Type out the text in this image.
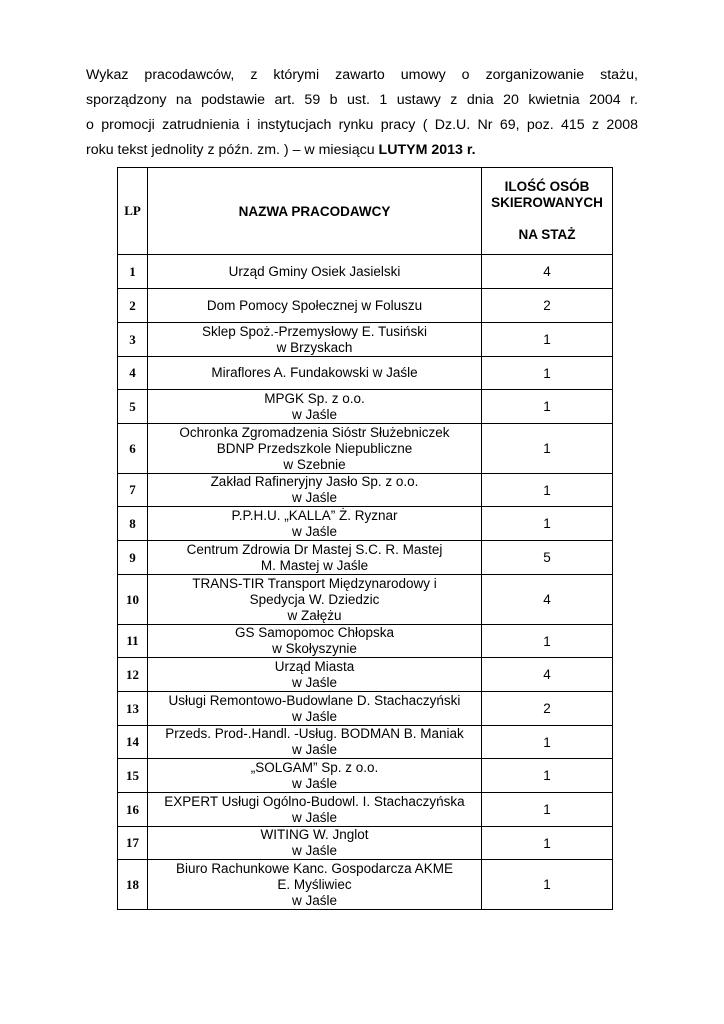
Wykaz pracodawców, z którymi zawarto umowy o zorganizowanie stażu,
sporządzony na podstawie art. 59 b ust. 1 ustawy z dnia 20 kwietnia 2004 r.
o promocji zatrudnienia i instytucjach rynku pracy ( Dz.U. Nr 69, poz. 415 z 2008
roku tekst jednolity z późn. zm. ) – w miesiącu LUTYM 2013 r.
LP	NAZWA PRACODAWCY	ILOŚĆ OSÓB
SKIEROWANYCH
NA STAŻ

1	Urząd Gminy Osiek Jasielski	4
2	Dom Pomocy Społecznej w Foluszu	2
3	Sklep Spoż.-Przemysłowy E. Tusiński
w Brzyskach	1
4	Miraflores A. Fundakowski w Jaśle	1
5	MPGK Sp. z o.o.
w Jaśle	1
6	Ochronka Zgromadzenia Sióstr Służebniczek
BDNP Przedszkole Niepubliczne
w Szebnie	1
7	Zakład Rafineryjny Jasło Sp. z o.o.
w Jaśle	1
8	P.P.H.U. „KALLA” Ż. Ryznar
w Jaśle	1
9	Centrum Zdrowia Dr Mastej S.C. R. Mastej
M. Mastej w Jaśle	5
10	TRANS-TIR Transport Międzynarodowy i
Spedycja W. Dziedzic
w Załężu	4
11	GS Samopomoc Chłopska
w Skołyszynie	1
12	Urząd Miasta
w Jaśle	4
13	Usługi Remontowo-Budowlane D. Stachaczyński
w Jaśle	2
14	Przeds. Prod-.Handl. -Usług. BODMAN B. Maniak
w Jaśle	1
15	„SOLGAM” Sp. z o.o.
w Jaśle	1
16	EXPERT Usługi Ogólno-Budowl. I. Stachaczyńska
w Jaśle	1
17	WITING W. Jnglot
w Jaśle	1
18	Biuro Rachunkowe Kanc. Gospodarcza AKME
E. Myśliwiec
w Jaśle	1
